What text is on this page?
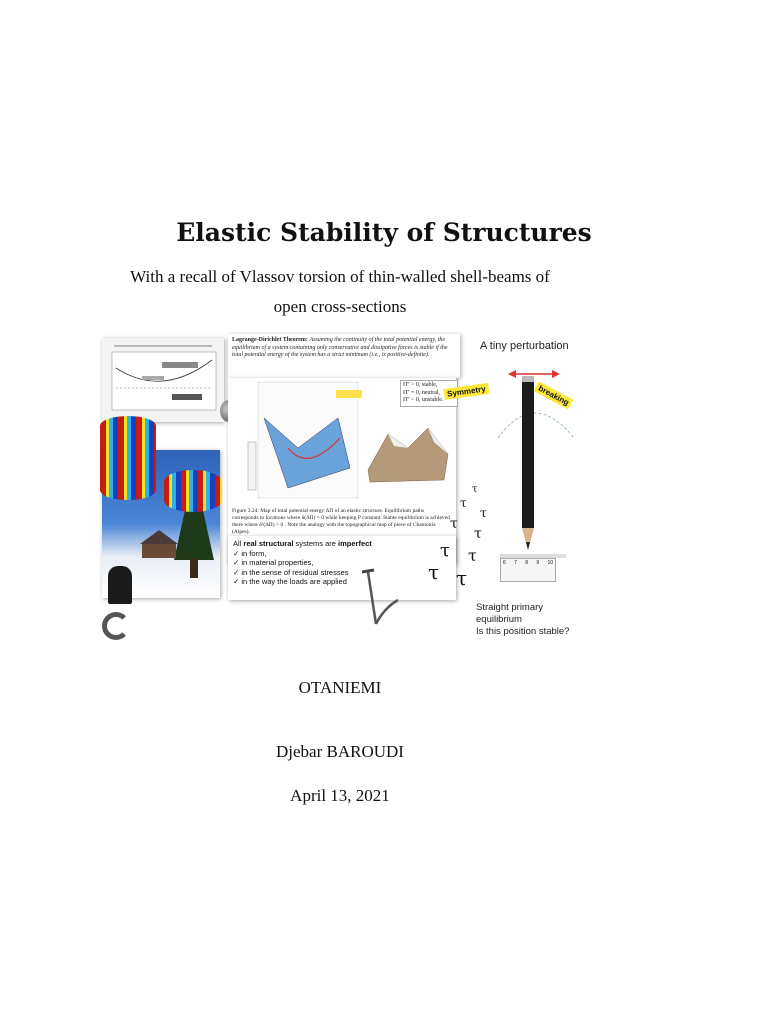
Elastic Stability of Structures
With a recall of Vlassov torsion of thin-walled shell-beams of
open cross-sections
Lagrange-Dirichlet Theorem: Assuming the continuity of the total potential energy, the equilibrium of a system containing only conservative and dissipative forces is stable if the total potential energy of the system has a strict minimum (i.e., is positive-definite).
Π'' > 0, stable,
Π'' = 0, neutral,
Π'' < 0, unstable.
Figure 3.24: Map of total potential energy ΔΠ of an elastic structure. Equilibrium paths corresponds to locations where δ(ΔΠ) = 0 while keeping P constant. Stable equilibrium is achieved there where δ²(ΔΠ) > 0 . Note the analogy with the topographical map of piece of Chamonix (Alpes).
All real structural systems are imperfect
✓ in form,
✓ in material properties,
✓ in the sense of residual stresses
✓ in the way the loads are applied
τ
τ
τ
τ
τ
τ τ
τ τ
A tiny perturbation
Symmetry	breaking
6 7 8 9 10
Straight primary equilibrium
Is this position stable?
OTANIEMI
Djebar BAROUDI
April 13, 2021
